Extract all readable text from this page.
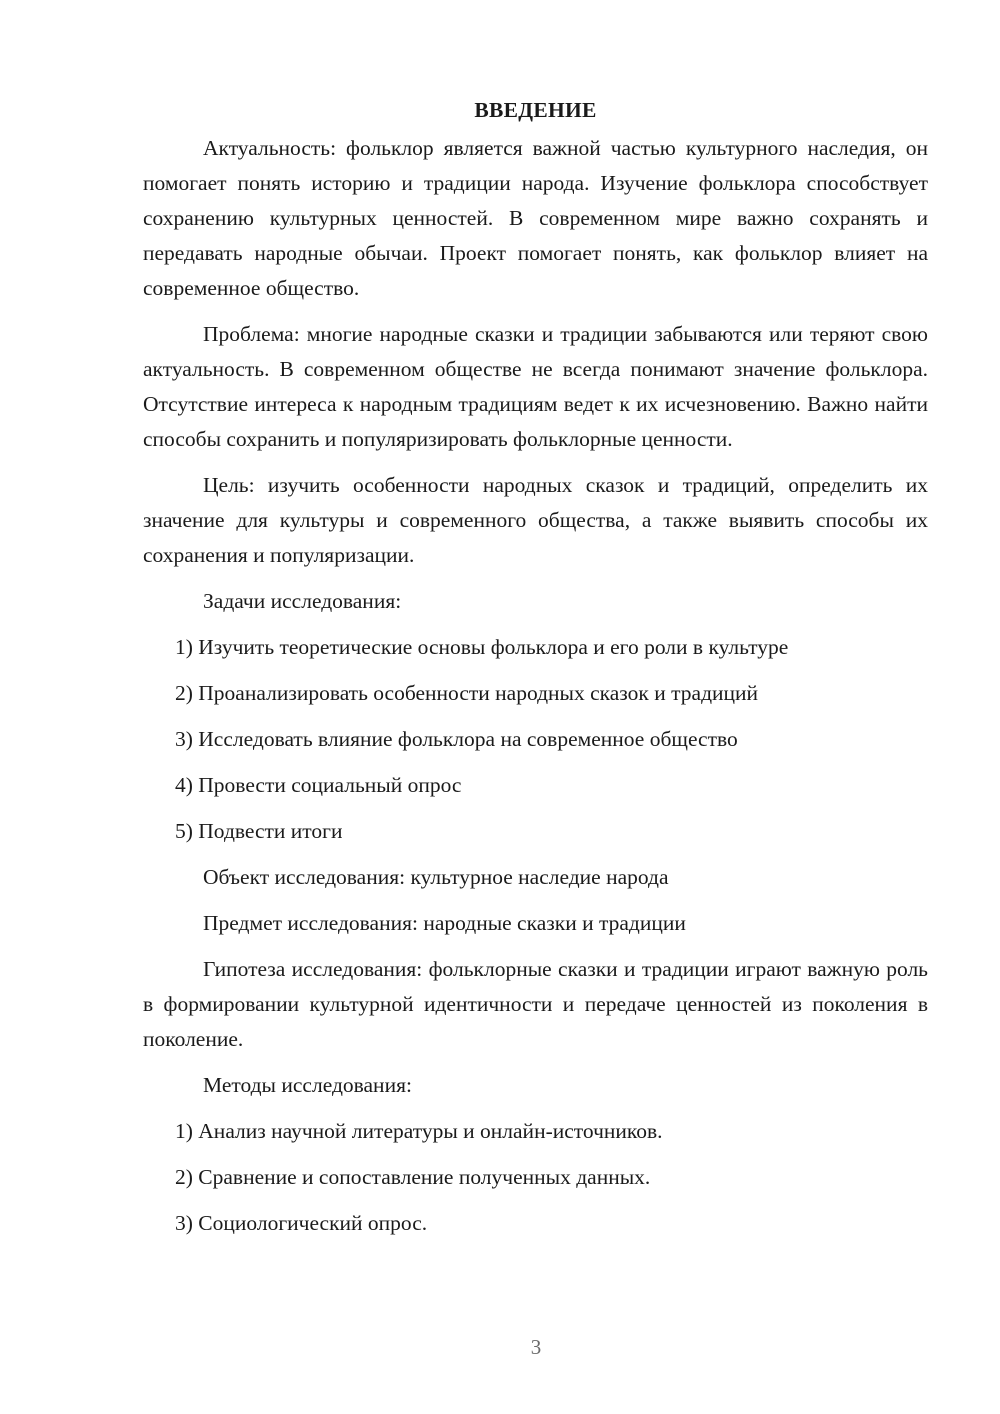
ВВЕДЕНИЕ

Актуальность: фольклор является важной частью культурного наследия, он помогает понять историю и традиции народа. Изучение фольклора способствует сохранению культурных ценностей. В современном мире важно сохранять и передавать народные обычаи. Проект помогает понять, как фольклор влияет на современное общество.

Проблема: многие народные сказки и традиции забываются или теряют свою актуальность. В современном обществе не всегда понимают значение фольклора. Отсутствие интереса к народным традициям ведет к их исчезновению. Важно найти способы сохранить и популяризировать фольклорные ценности.

Цель: изучить особенности народных сказок и традиций, определить их значение для культуры и современного общества, а также выявить способы их сохранения и популяризации.

Задачи исследования:

1) Изучить теоретические основы фольклора и его роли в культуре

2) Проанализировать особенности народных сказок и традиций

3) Исследовать влияние фольклора на современное общество

4) Провести социальный опрос

5) Подвести итоги

Объект исследования: культурное наследие народа

Предмет исследования: народные сказки и традиции

Гипотеза исследования: фольклорные сказки и традиции играют важную роль в формировании культурной идентичности и передаче ценностей из поколения в поколение.

Методы исследования:

1) Анализ научной литературы и онлайн-источников.

2) Сравнение и сопоставление полученных данных.

3) Социологический опрос.

3
